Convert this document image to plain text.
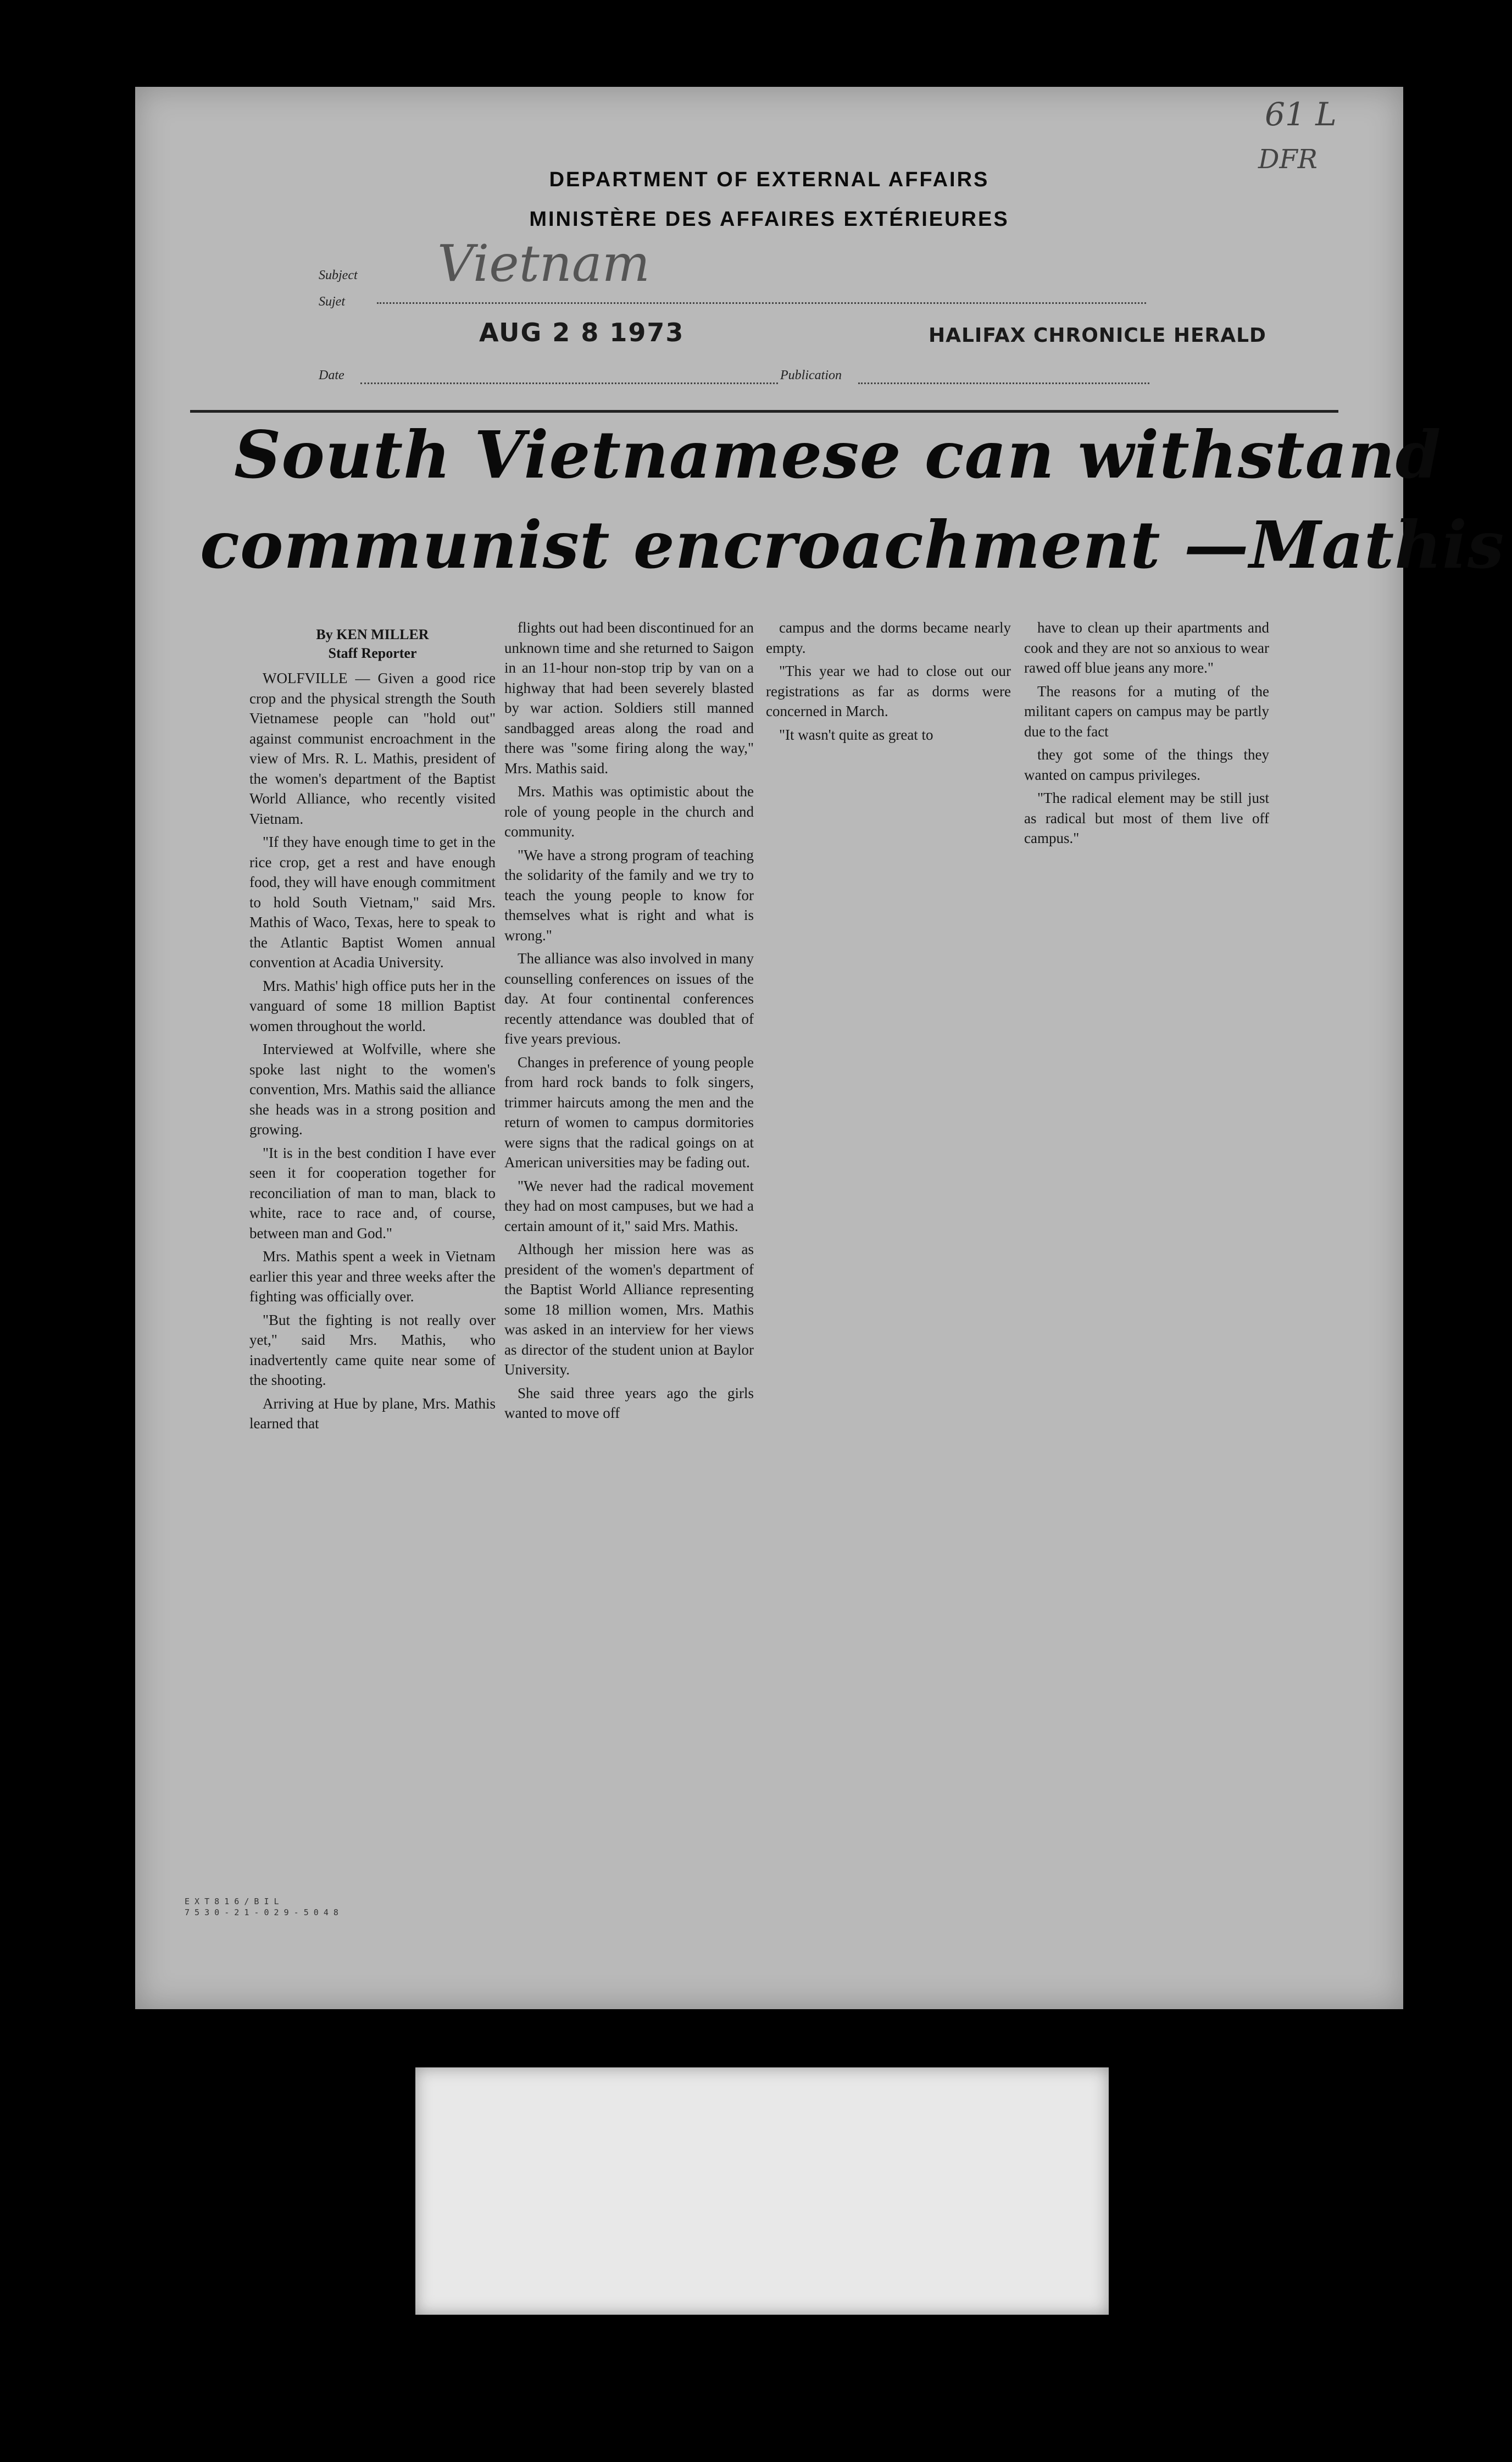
61 L
DFR
DEPARTMENT OF EXTERNAL AFFAIRS
MINISTÈRE DES AFFAIRES EXTÉRIEURES
Subject
Sujet
Vietnam
AUG 2 8 1973	HALIFAX CHRONICLE HERALD
Date	Publication
South Vietnamese can withstand
communist encroachment —Mathis
By KEN MILLER
Staff Reporter

WOLFVILLE — Given a good rice crop and the physical strength the South Vietnamese people can "hold out" against communist encroachment in the view of Mrs. R. L. Mathis, president of the women's department of the Baptist World Alliance, who recently visited Vietnam.

"If they have enough time to get in the rice crop, get a rest and have enough food, they will have enough commitment to hold South Vietnam," said Mrs. Mathis of Waco, Texas, here to speak to the Atlantic Baptist Women annual convention at Acadia University.

Mrs. Mathis' high office puts her in the vanguard of some 18 million Baptist women throughout the world.

Interviewed at Wolfville, where she spoke last night to the women's convention, Mrs. Mathis said the alliance she heads was in a strong position and growing.

"It is in the best condition I have ever seen it for cooperation together for reconciliation of man to man, black to white, race to race and, of course, between man and God."

Mrs. Mathis spent a week in Vietnam earlier this year and three weeks after the fighting was officially over.

"But the fighting is not really over yet," said Mrs. Mathis, who inadvertently came quite near some of the shooting.

Arriving at Hue by plane, Mrs. Mathis learned that

flights out had been discontinued for an unknown time and she returned to Saigon in an 11-hour non-stop trip by van on a highway that had been severely blasted by war action. Soldiers still manned sandbagged areas along the road and there was "some firing along the way," Mrs. Mathis said.

Mrs. Mathis was optimistic about the role of young people in the church and community.

"We have a strong program of teaching the solidarity of the family and we try to teach the young people to know for themselves what is right and what is wrong."

The alliance was also involved in many counselling conferences on issues of the day. At four continental conferences recently attendance was doubled that of five years previous.

Changes in preference of young people from hard rock bands to folk singers, trimmer haircuts among the men and the return of women to campus dormitories were signs that the radical goings on at American universities may be fading out.

"We never had the radical movement they had on most campuses, but we had a certain amount of it," said Mrs. Mathis.

Although her mission here was as president of the women's department of the Baptist World Alliance representing some 18 million women, Mrs. Mathis was asked in an interview for her views as director of the student union at Baylor University.

She said three years ago the girls wanted to move off

campus and the dorms became nearly empty.

"This year we had to close out our registrations as far as dorms were concerned in March.

"It wasn't quite as great to

have to clean up their apartments and cook and they are not so anxious to wear rawed off blue jeans any more."

The reasons for a muting of the militant capers on campus may be partly due to the fact

they got some of the things they wanted on campus privileges.

"The radical element may be still just as radical but most of them live off campus."

E X T 8 1 6 / B I L
7 5 3 0 - 2 1 - 0 2 9 - 5 0 4 8
